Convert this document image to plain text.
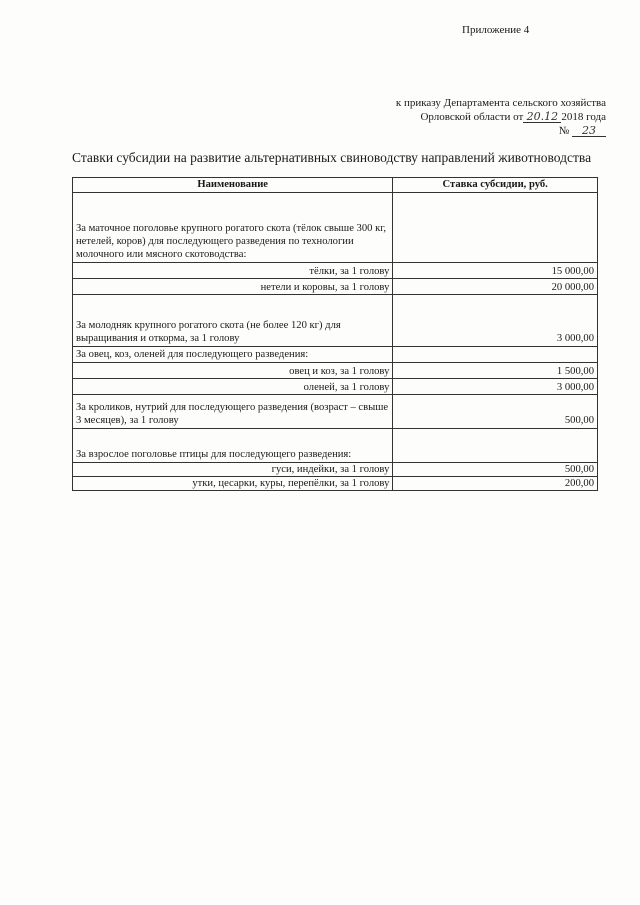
Приложение 4
к приказу Департамента сельского хозяйства
Орловской области от 20.12 2018 года
№ 23
Ставки субсидии на развитие альтернативных свиноводству направлений животноводства
Наименование	Ставка субсидии, руб.
За маточное поголовье крупного рогатого скота (тёлок свыше 300 кг, нетелей, коров) для последующего разведения по технологии молочного или мясного скотоводства:	
тёлки, за 1 голову	15 000,00
нетели и коровы, за 1 голову	20 000,00
За молодняк крупного рогатого скота (не более 120 кг) для выращивания и откорма, за 1 голову	3 000,00
За овец, коз, оленей для последующего разведения:	
овец и коз, за 1 голову	1 500,00
оленей, за 1 голову	3 000,00
За кроликов, нутрий для последующего разведения (возраст – свыше 3 месяцев), за 1 голову	500,00
За взрослое поголовье птицы для последующего разведения:	
гуси, индейки, за 1 голову	500,00
утки, цесарки, куры, перепёлки, за 1 голову	200,00
